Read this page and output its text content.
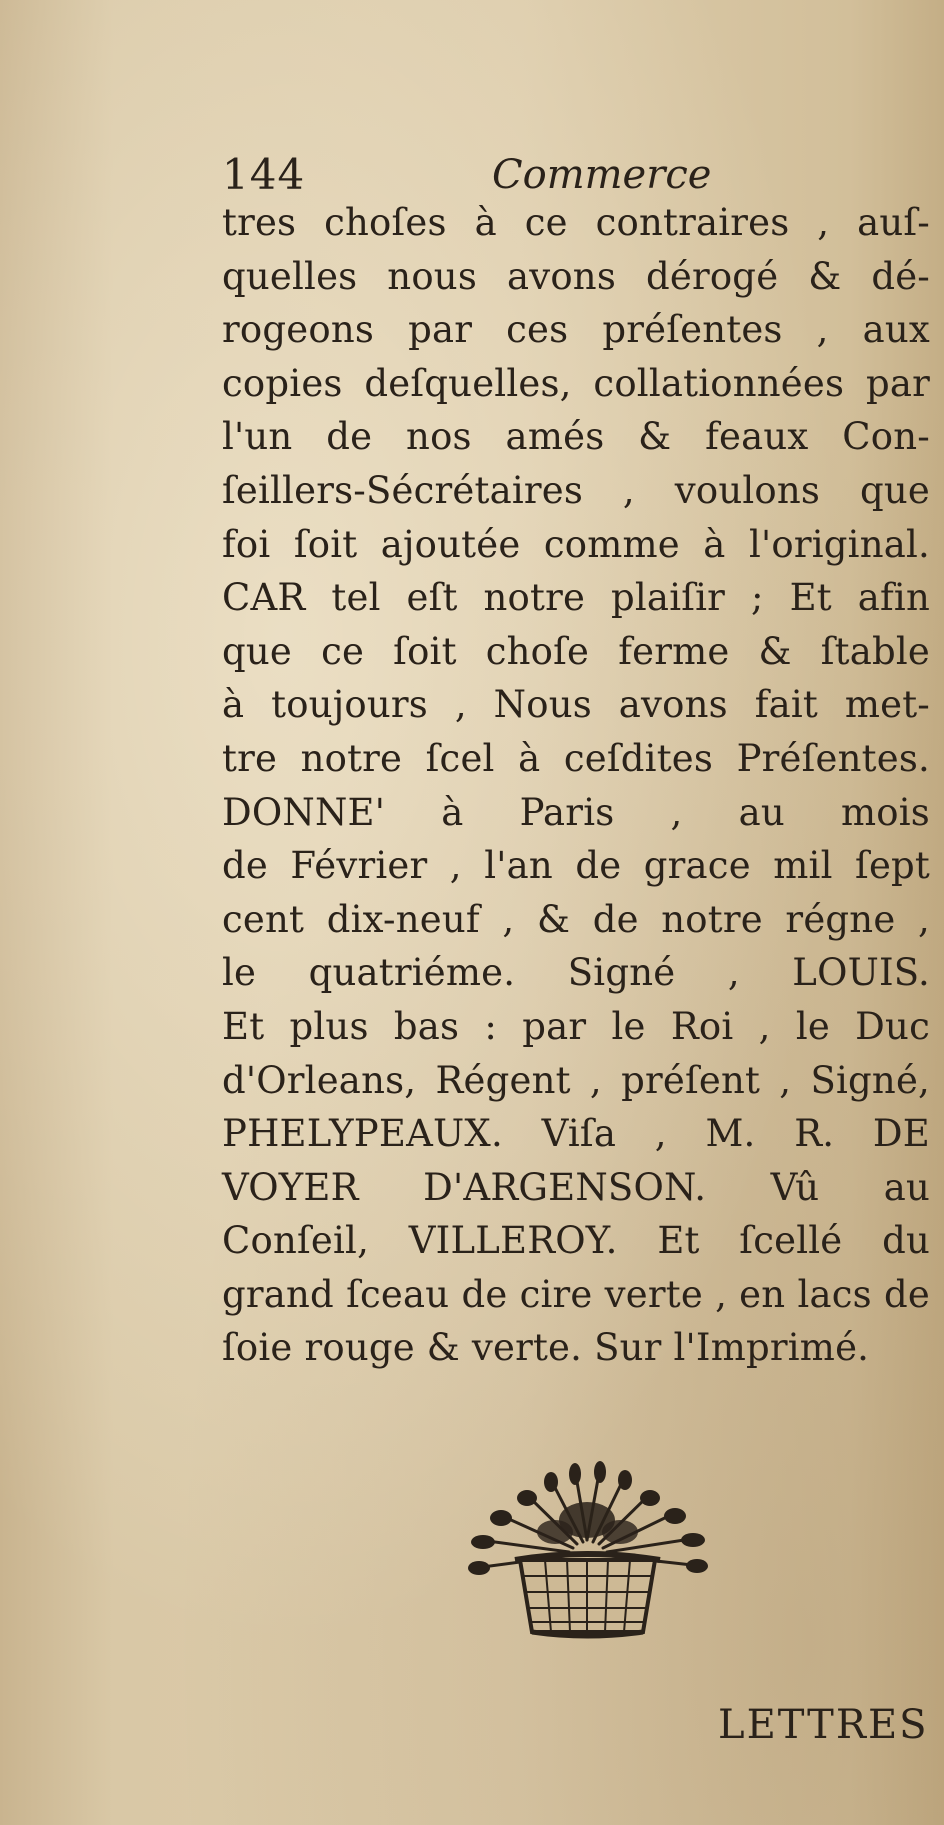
144	Commerce
tres choſes à ce contraires , auſ-
quelles nous avons dérogé & dé-
rogeons par ces préſentes , aux
copies deſquelles, collationnées par
l'un de nos amés & feaux Con-
ſeillers-Sécrétaires , voulons que
foi ſoit ajoutée comme à l'original.
CAR tel eſt notre plaiſir ; Et afin
que ce ſoit choſe ferme & ſtable
à toujours , Nous avons fait met-
tre notre ſcel à ceſdites Préſentes.
DONNE' à Paris , au mois
de Février , l'an de grace mil ſept
cent dix-neuf , & de notre régne ,
le quatriéme. Signé , LOUIS.
Et plus bas : par le Roi , le Duc
d'Orleans, Régent , préſent , Signé,
PHELYPEAUX. Viſa , M. R. DE
VOYER D'ARGENSON. Vû au
Conſeil, VILLEROY. Et ſcellé du
grand ſceau de cire verte , en lacs de
ſoie rouge & verte. Sur l'Imprimé.
LETTRES
